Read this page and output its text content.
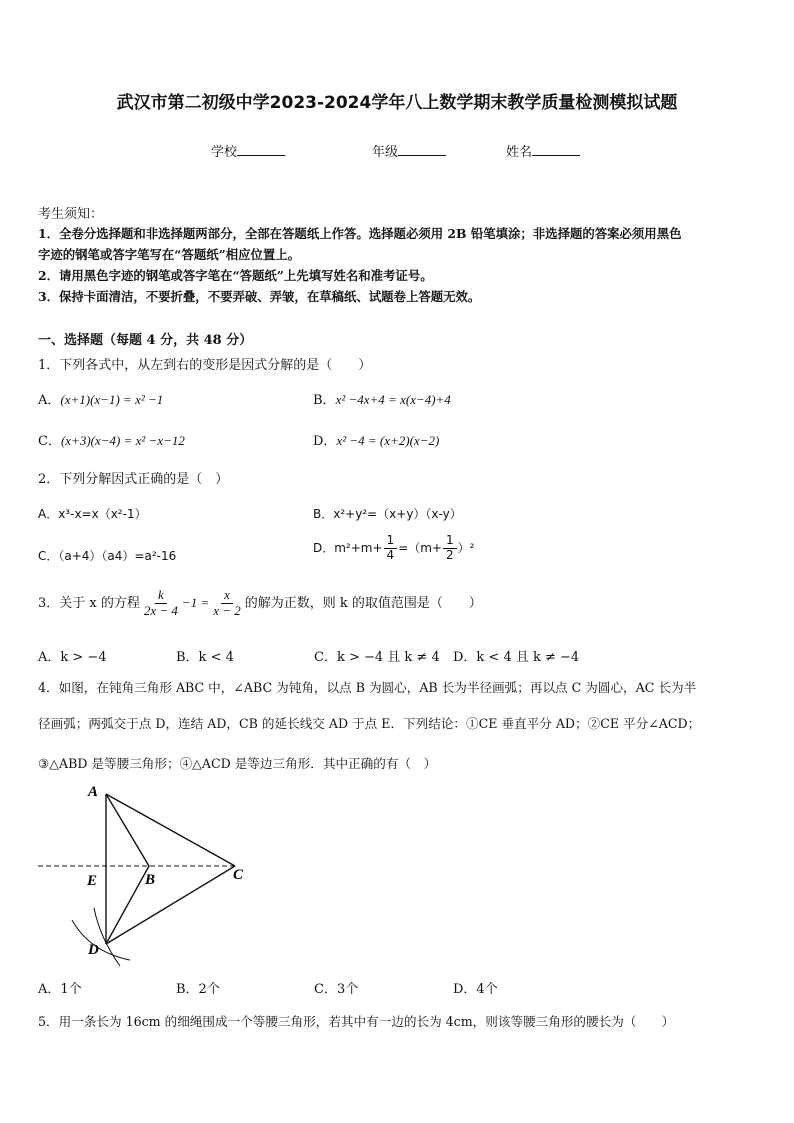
武汉市第二初级中学2023-2024学年八上数学期末教学质量检测模拟试题
学校	年级	姓名
考生须知：
1．全卷分选择题和非选择题两部分，全部在答题纸上作答。选择题必须用 2B 铅笔填涂；非选择题的答案必须用黑色
字迹的钢笔或答字笔写在“答题纸”相应位置上。
2．请用黑色字迹的钢笔或答字笔在“答题纸”上先填写姓名和准考证号。
3．保持卡面清洁，不要折叠，不要弄破、弄皱，在草稿纸、试题卷上答题无效。
一、选择题（每题 4 分，共 48 分）
1．下列各式中，从左到右的变形是因式分解的是（　　）
A．(x+1)(x−1) = x² −1	B．x² −4x+4 = x(x−4)+4
C．(x+3)(x−4) = x² −x−12	D．x² −4 = (x+2)(x−2)
2．下列分解因式正确的是（　）
A．x³-x=x（x²-1）	B．x²+y²=（x+y）（x-y）
C．（a+4）（a4）=a²-16
D．$m^2+m+ \frac{1}{4} =(m+ \frac{1}{2} )^2$
3．关于 x 的方程 $\frac{k}{2x - 4} -1 = \frac{x}{x - 2}$ 的解为正数，则 k 的取值范围是（　　）
A．k > −4	B．k < 4	C．k > −4 且 k ≠ 4 D．k < 4 且 k ≠ −4
4．如图，在钝角三角形 ABC 中，∠ABC 为钝角，以点 B 为圆心，AB 长为半径画弧；再以点 C 为圆心，AC 长为半
径画弧；两弧交于点 D，连结 AD，CB 的延长线交 AD 于点 E．下列结论：①CE 垂直平分 AD；②CE 平分∠ACD；
③△ABD 是等腰三角形；④△ACD 是等边三角形．其中正确的有（　）
A
E	B	C
D
A．1个	B．2个	C．3个	D．4个
5．用一条长为 16cm 的细绳围成一个等腰三角形，若其中有一边的长为 4cm，则该等腰三角形的腰长为（　　）
